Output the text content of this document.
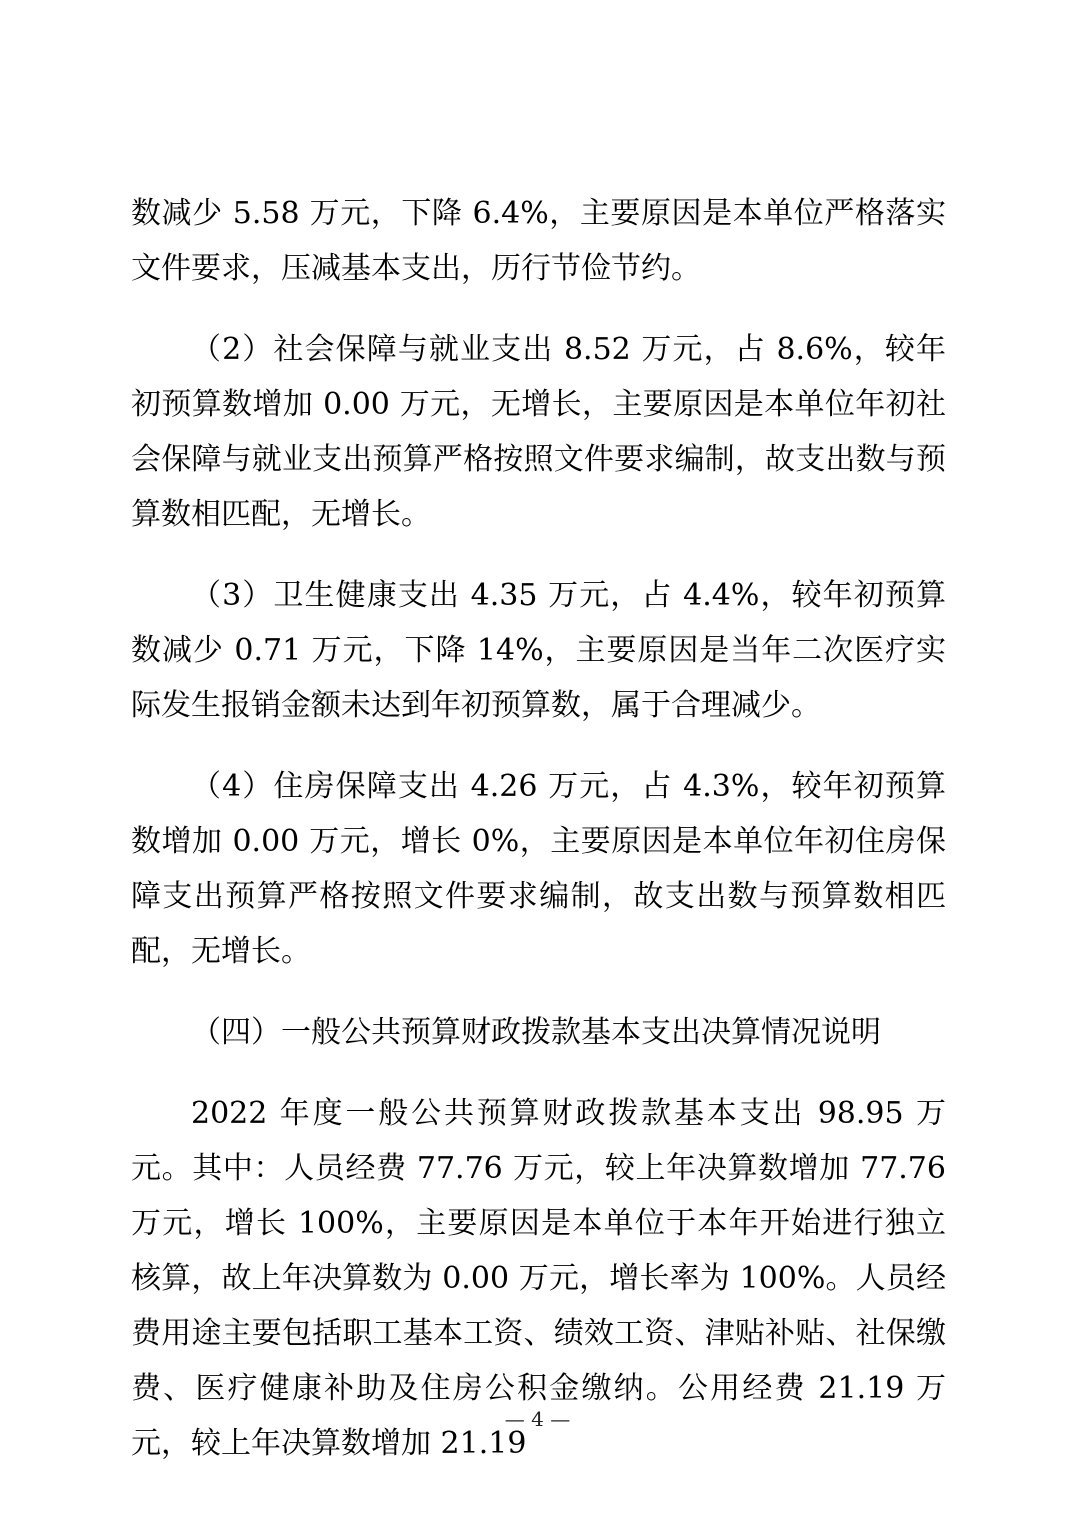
数减少 5.58 万元，下降 6.4%，主要原因是本单位严格落实文件要求，压减基本支出，历行节俭节约。

（2）社会保障与就业支出 8.52 万元，占 8.6%，较年初预算数增加 0.00 万元，无增长，主要原因是本单位年初社会保障与就业支出预算严格按照文件要求编制，故支出数与预算数相匹配，无增长。

（3）卫生健康支出 4.35 万元，占 4.4%，较年初预算数减少 0.71 万元，下降 14%，主要原因是当年二次医疗实际发生报销金额未达到年初预算数，属于合理减少。

（4）住房保障支出 4.26 万元，占 4.3%，较年初预算数增加 0.00 万元，增长 0%，主要原因是本单位年初住房保障支出预算严格按照文件要求编制，故支出数与预算数相匹配，无增长。

（四）一般公共预算财政拨款基本支出决算情况说明

2022 年度一般公共预算财政拨款基本支出 98.95 万元。其中：人员经费 77.76 万元，较上年决算数增加 77.76 万元，增长 100%，主要原因是本单位于本年开始进行独立核算，故上年决算数为 0.00 万元，增长率为 100%。人员经费用途主要包括职工基本工资、绩效工资、津贴补贴、社保缴费、医疗健康补助及住房公积金缴纳。公用经费 21.19 万元，较上年决算数增加 21.19

— 4 —
